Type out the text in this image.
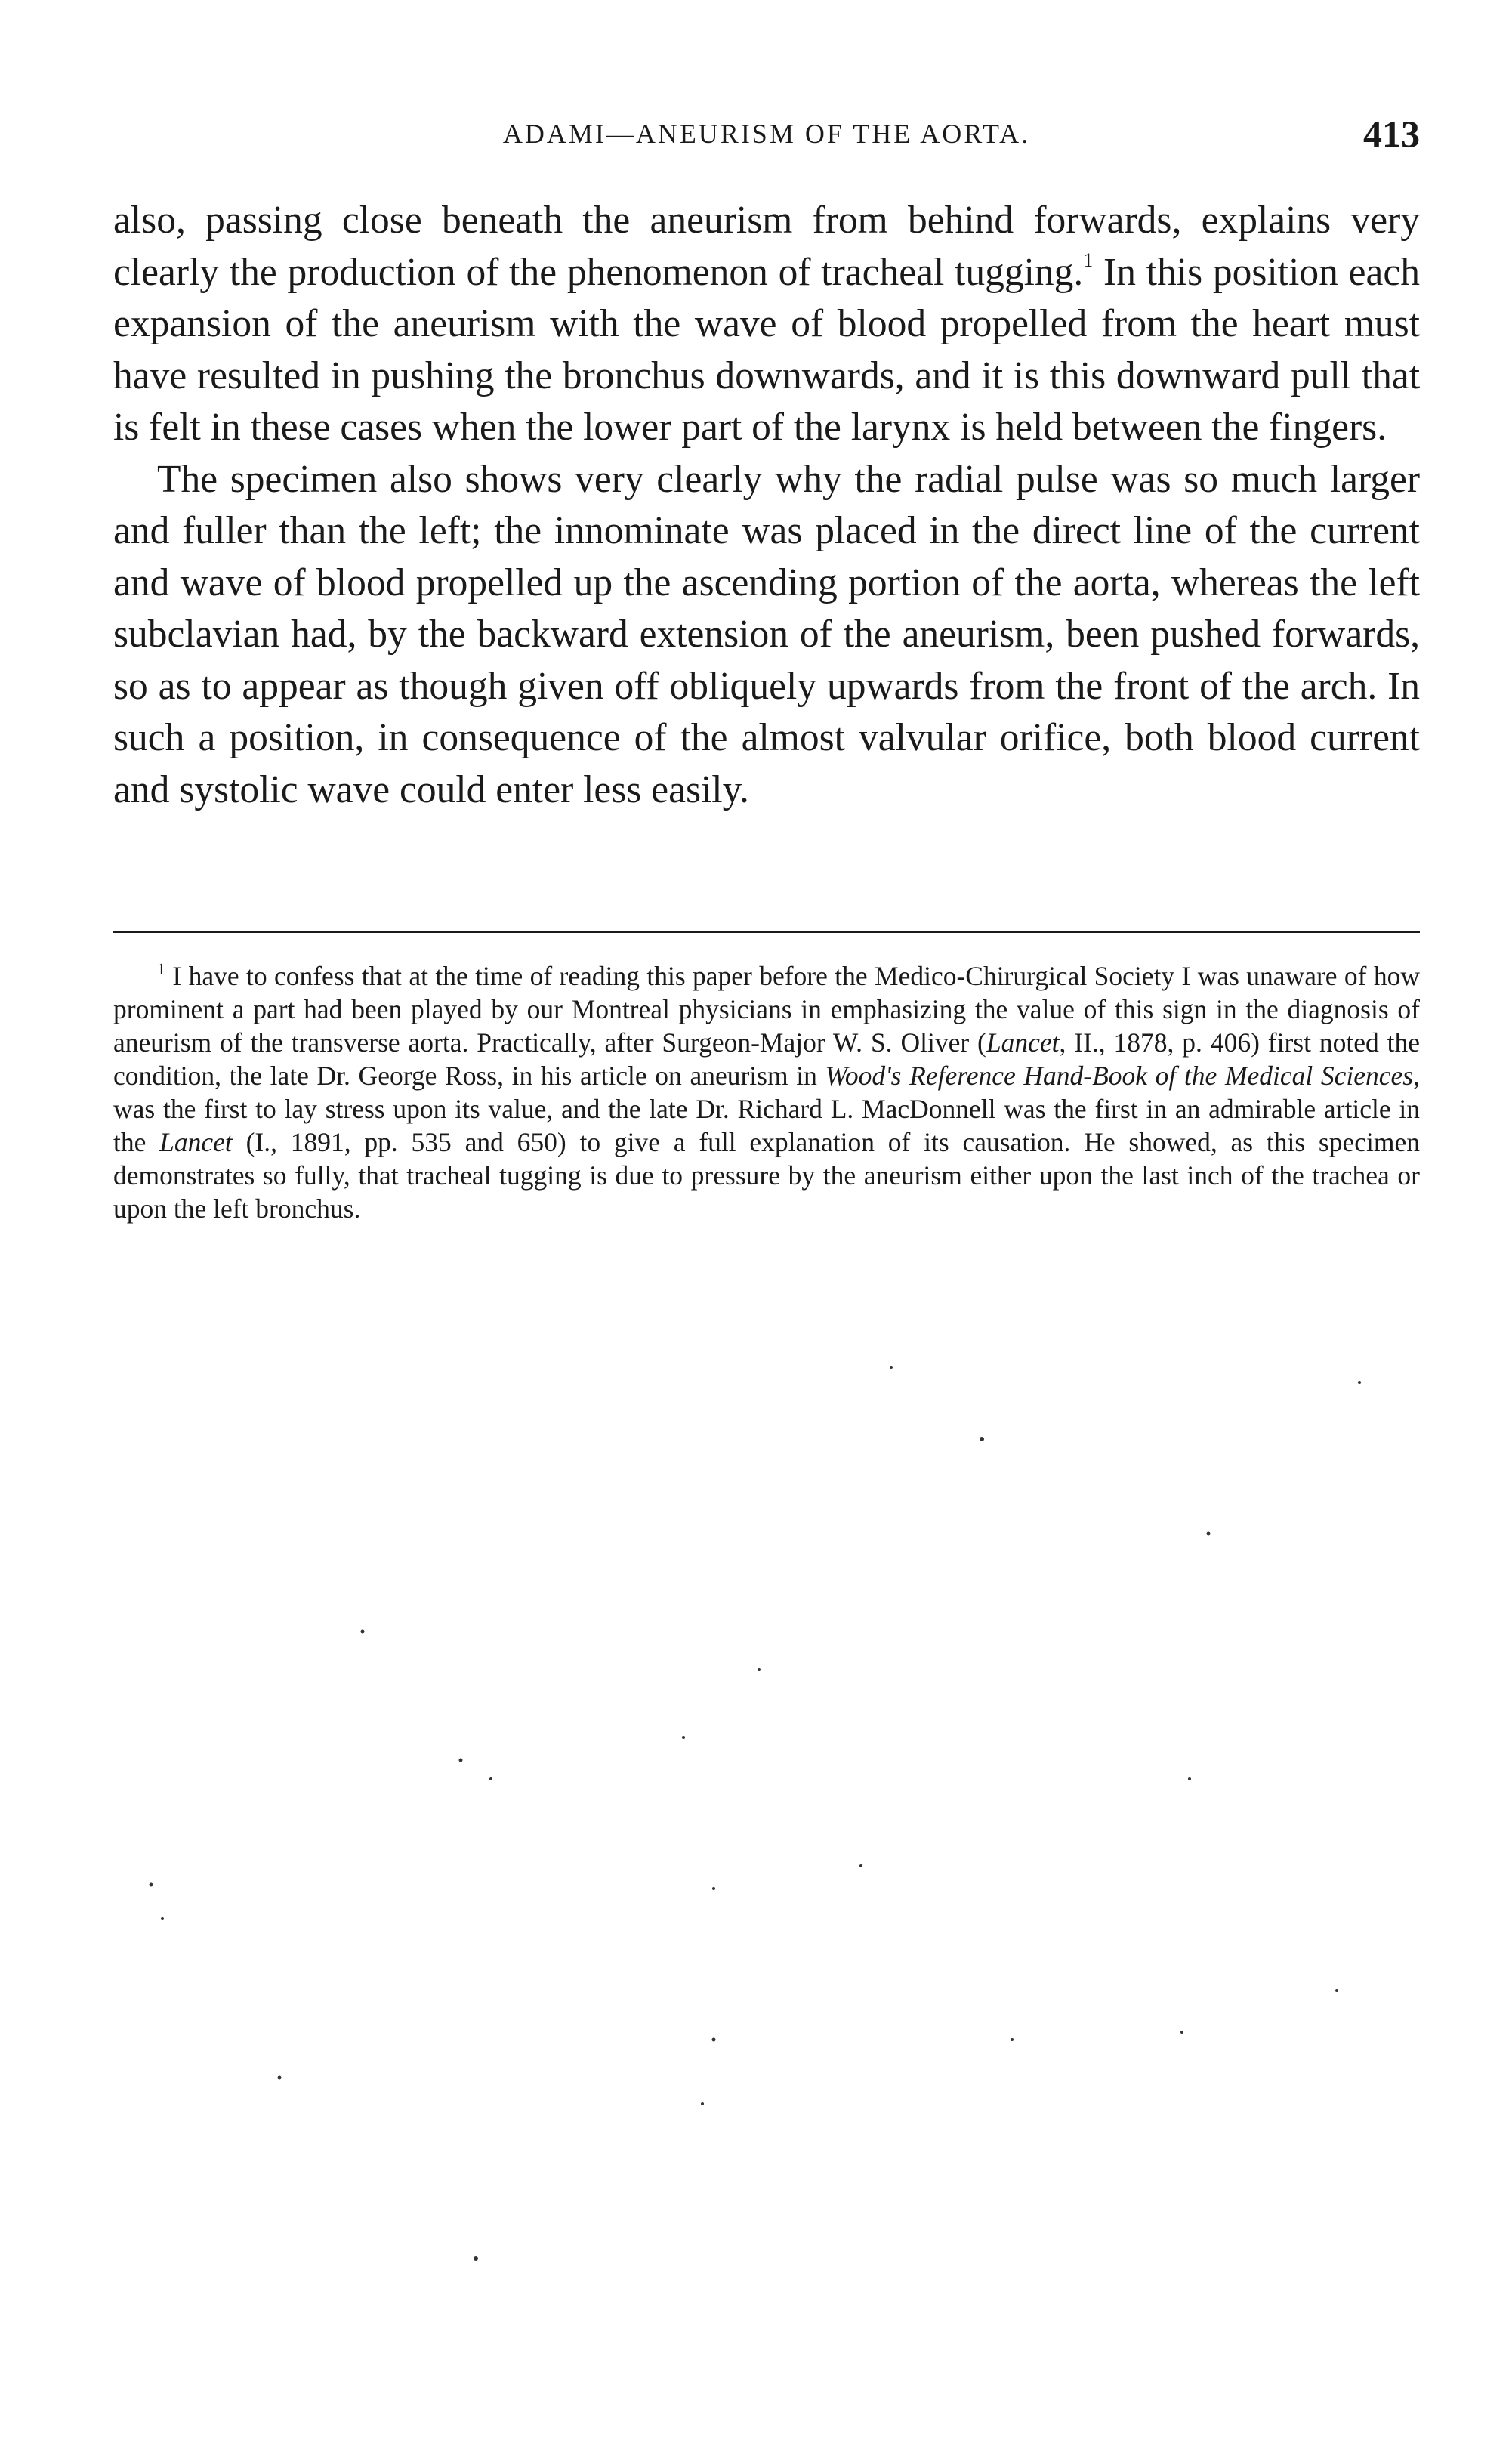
ADAMI—ANEURISM OF THE AORTA.	413

also, passing close beneath the aneurism from behind forwards, explains very clearly the production of the phenomenon of tracheal tugging.$^1$ In this position each expansion of the aneurism with the wave of blood propelled from the heart must have resulted in pushing the bronchus downwards, and it is this downward pull that is felt in these cases when the lower part of the larynx is held between the fingers.

The specimen also shows very clearly why the radial pulse was so much larger and fuller than the left; the innominate was placed in the direct line of the current and wave of blood propelled up the ascending portion of the aorta, whereas the left subclavian had, by the backward extension of the aneurism, been pushed forwards, so as to appear as though given off obliquely upwards from the front of the arch. In such a position, in consequence of the almost valvular orifice, both blood current and systolic wave could enter less easily.

$^1$ I have to confess that at the time of reading this paper before the Medico-Chirurgical Society I was unaware of how prominent a part had been played by our Montreal physicians in emphasizing the value of this sign in the diagnosis of aneurism of the transverse aorta. Practically, after Surgeon-Major W. S. Oliver (Lancet, II., 1878, p. 406) first noted the condition, the late Dr. George Ross, in his article on aneurism in Wood's Reference Hand-Book of the Medical Sciences, was the first to lay stress upon its value, and the late Dr. Richard L. MacDonnell was the first in an admirable article in the Lancet (I., 1891, pp. 535 and 650) to give a full explanation of its causation. He showed, as this specimen demonstrates so fully, that tracheal tugging is due to pressure by the aneurism either upon the last inch of the trachea or upon the left bronchus.
